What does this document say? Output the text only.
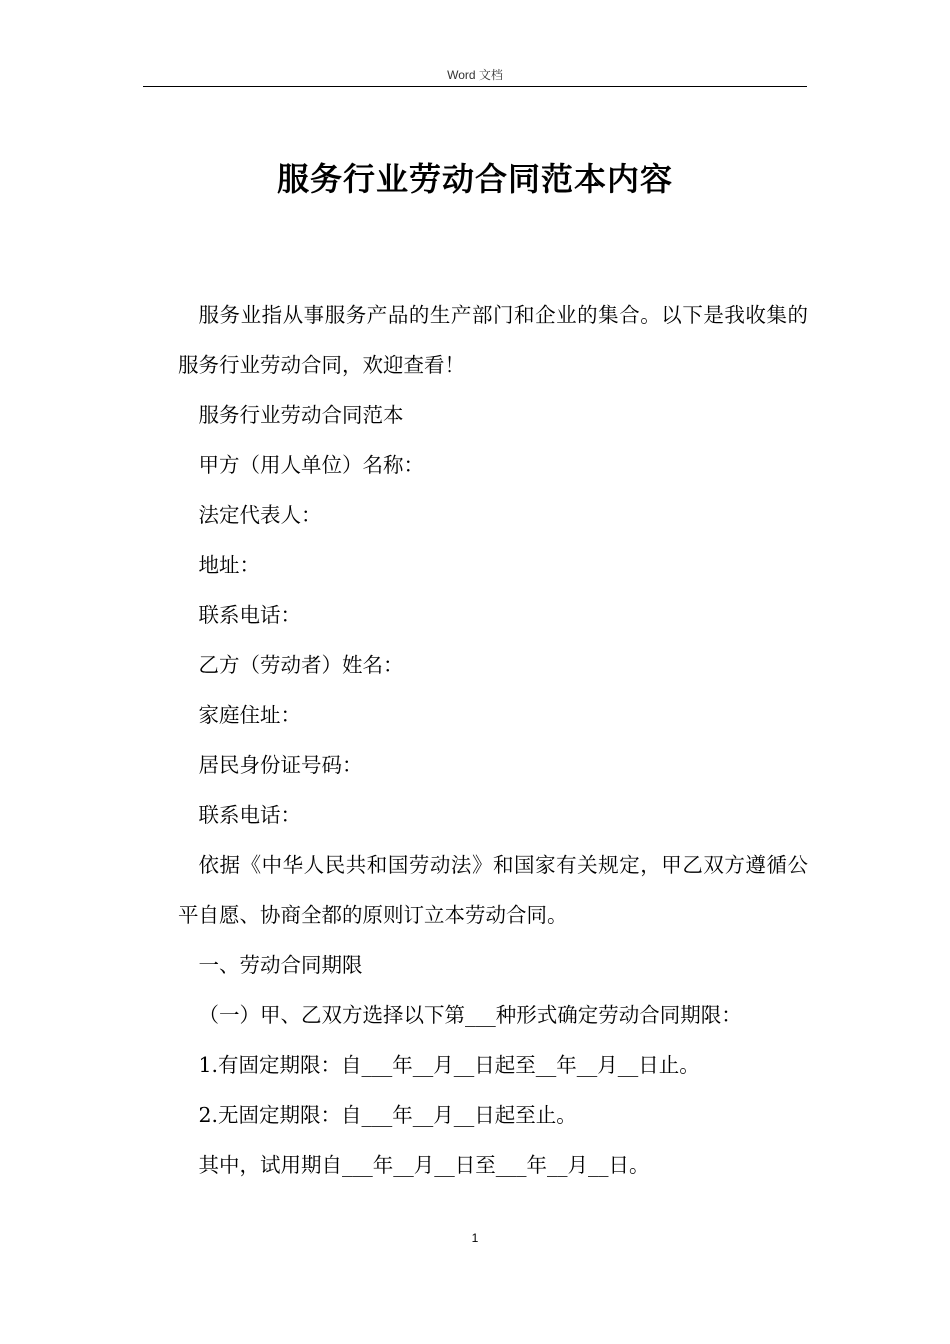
Word 文档
服务行业劳动合同范本内容

服务业指从事服务产品的生产部门和企业的集合。以下是我收集的服务行业劳动合同，欢迎查看！

服务行业劳动合同范本

甲方（用人单位）名称：

法定代表人：

地址：

联系电话：

乙方（劳动者）姓名：

家庭住址：

居民身份证号码：

联系电话：

依据《中华人民共和国劳动法》和国家有关规定，甲乙双方遵循公平自愿、协商全都的原则订立本劳动合同。

一、劳动合同期限

（一）甲、乙双方选择以下第___种形式确定劳动合同期限：

1.有固定期限：自___年__月__日起至__年__月__日止。

2.无固定期限：自___年__月__日起至止。

其中，试用期自___年__月__日至___年__月__日。

1
